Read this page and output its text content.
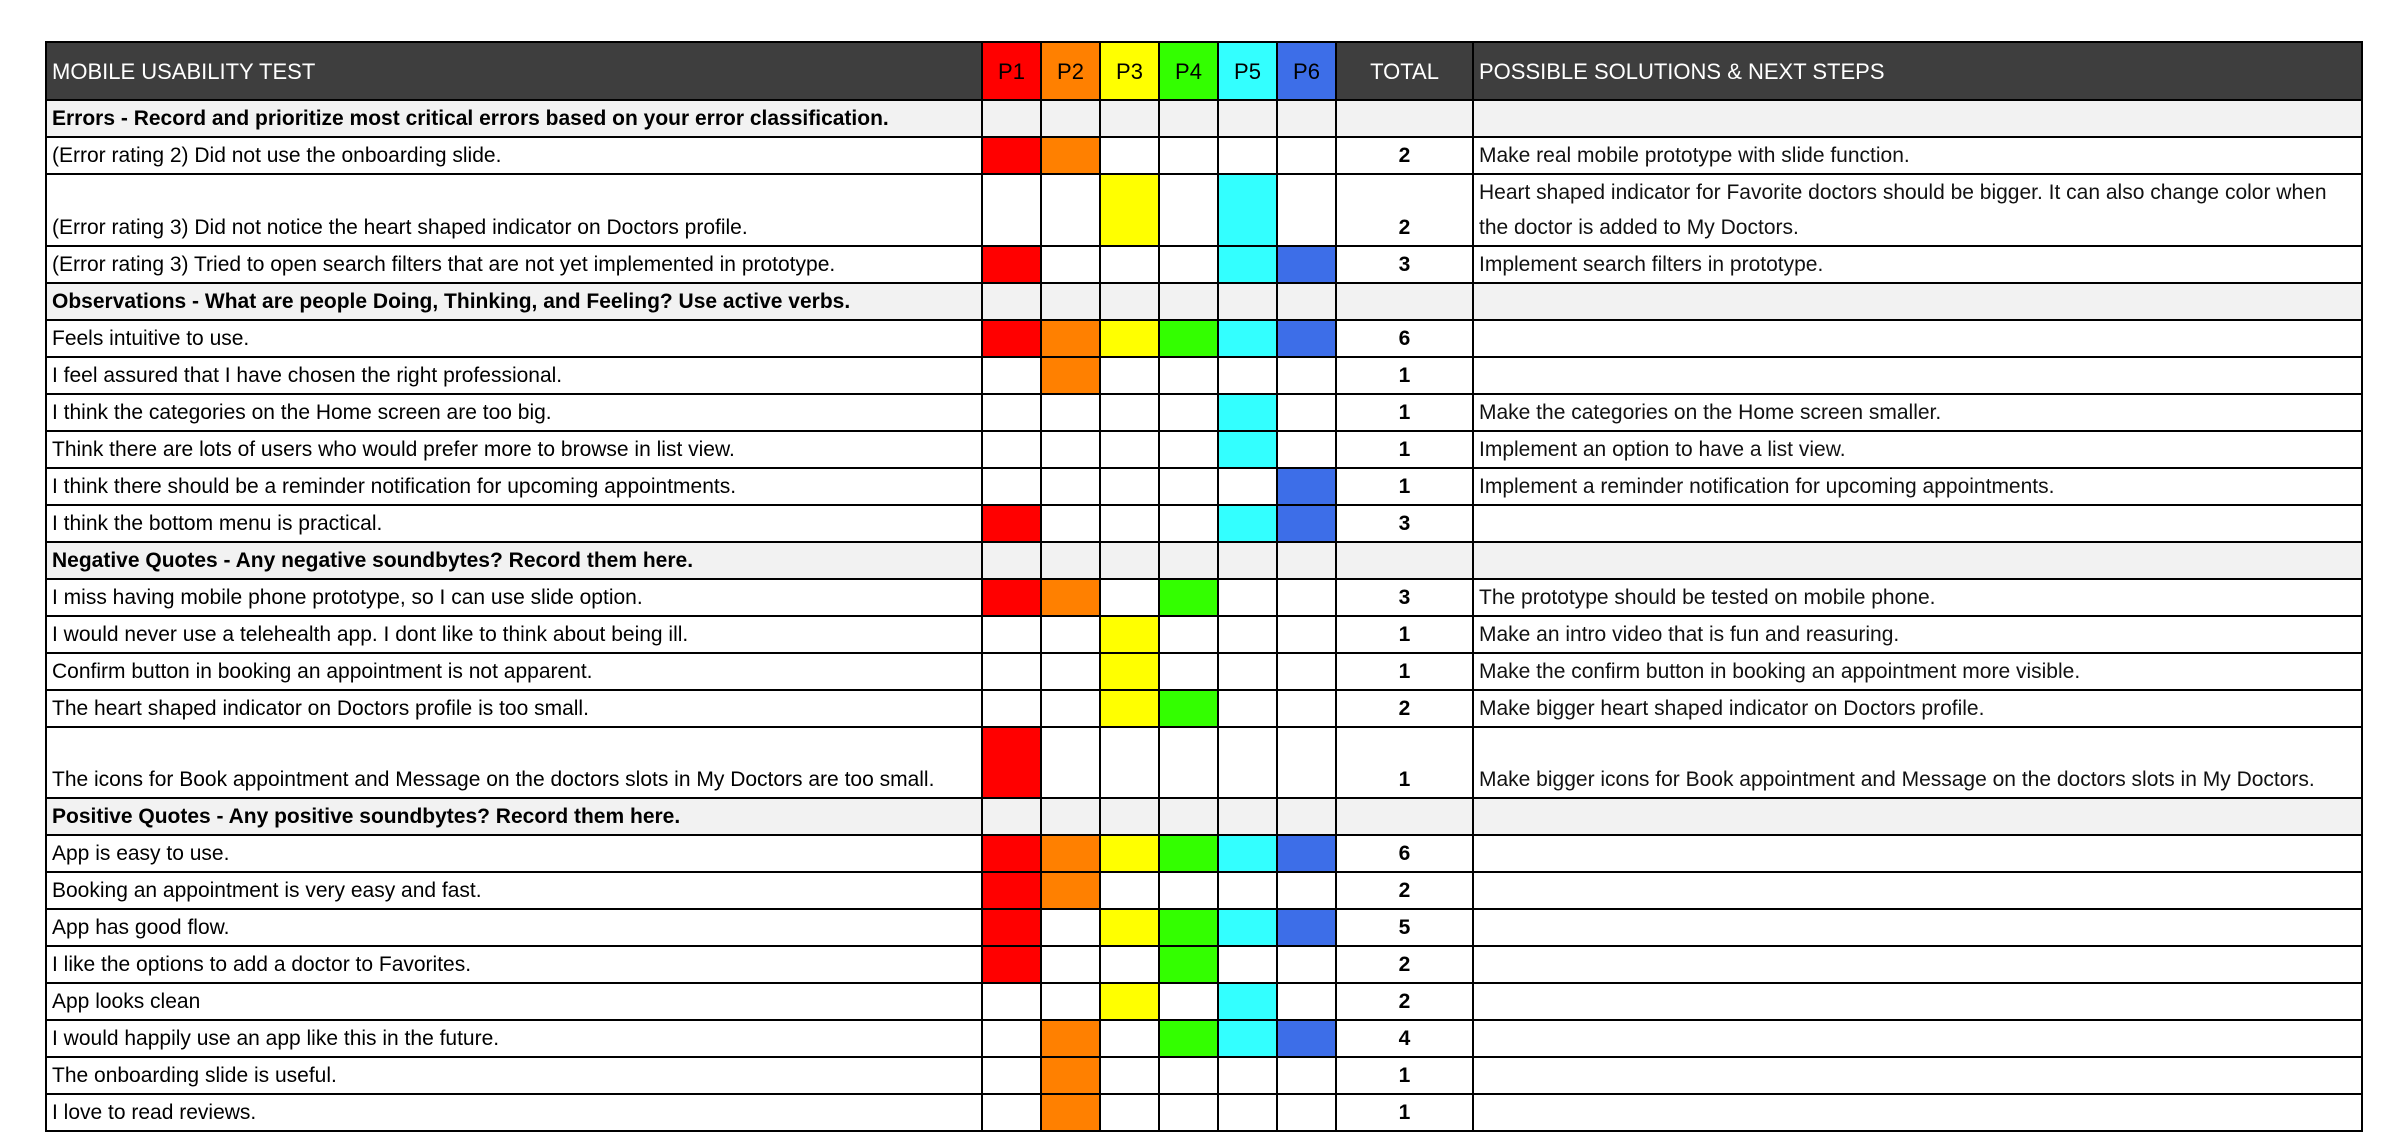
MOBILE USABILITY TEST	P1	P2	P3	P4	P5	P6	TOTAL	POSSIBLE SOLUTIONS & NEXT STEPS
Errors - Record and prioritize most critical errors based on your error classification.								
(Error rating 2) Did not use the onboarding slide.							2	Make real mobile prototype with slide function.
(Error rating 3) Did not notice the heart shaped indicator on Doctors profile.							2	Heart shaped indicator for Favorite doctors should be bigger. It can also change color when the doctor is added to My Doctors.
(Error rating 3) Tried to open search filters that are not yet implemented in prototype.							3	Implement search filters in prototype.
Observations - What are people Doing, Thinking, and Feeling? Use active verbs.								
Feels intuitive to use.							6	
I feel assured that I have chosen the right professional.							1	
I think the categories on the Home screen are too big.							1	Make the categories on the Home screen smaller.
Think there are lots of users who would prefer more to browse in list view.							1	Implement an option to have a list view.
I think there should be a reminder notification for upcoming appointments.							1	Implement a reminder notification for upcoming appointments.
I think the bottom menu is practical.							3	
Negative Quotes - Any negative soundbytes? Record them here.								
I miss having mobile phone prototype, so I can use slide option.							3	The prototype should be tested on mobile phone.
I would never use a telehealth app. I dont like to think about being ill.							1	Make an intro video that is fun and reasuring.
Confirm button in booking an appointment is not apparent.							1	Make the confirm button in booking an appointment more visible.
The heart shaped indicator on Doctors profile is too small.							2	Make bigger heart shaped indicator on Doctors profile.
The icons for Book appointment and Message on the doctors slots in My Doctors are too small.							1	Make bigger icons for Book appointment and Message on the doctors slots in My Doctors.
Positive Quotes - Any positive soundbytes? Record them here.								
App is easy to use.							6	
Booking an appointment is very easy and fast.							2	
App has good flow.							5	
I like the options to add a doctor to Favorites.							2	
App looks clean							2	
I would happily use an app like this in the future.							4	
The onboarding slide is useful.							1	
I love to read reviews.							1	
